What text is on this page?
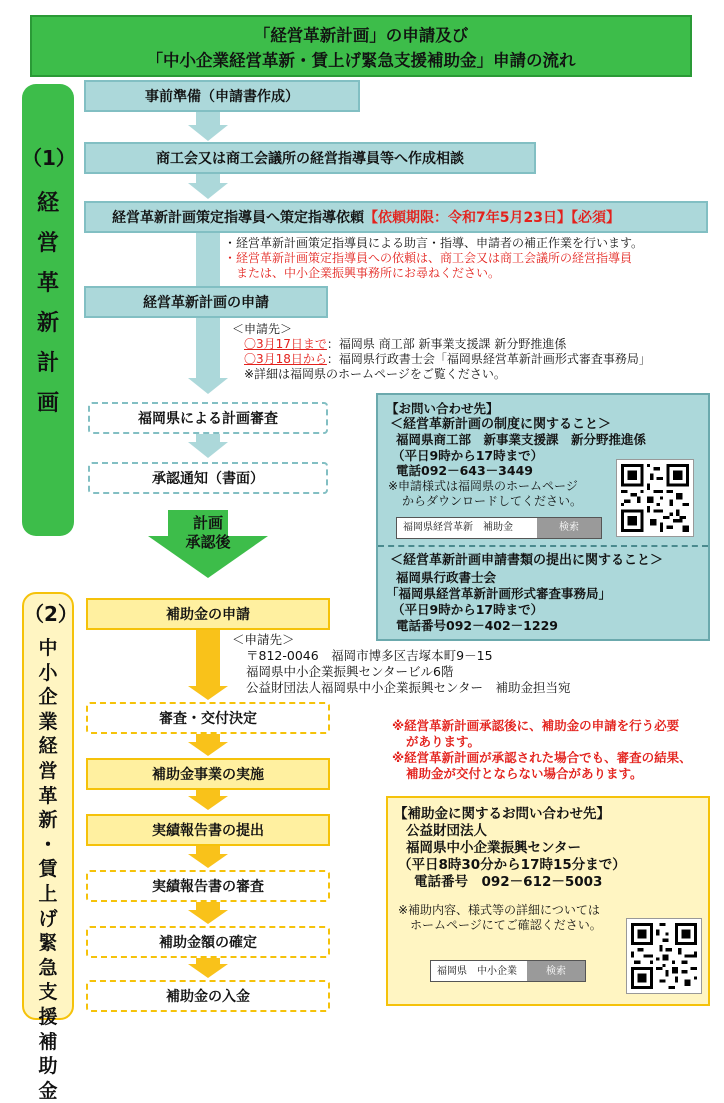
「経営革新計画」の申請及び
「中小企業経営革新・賃上げ緊急支援補助金」申請の流れ
（1）
経
営
革
新
計
画
（2）
中
小
企
業
経
営
革
新
・
賃
上
げ
緊
急
支
援
補
助
金
事前準備（申請書作成）
商工会又は商工会議所の経営指導員等へ作成相談
経営革新計画策定指導員へ策定指導依頼 【依頼期限：令和7年5月23日】【必須】
・経営革新計画策定指導員による助言・指導、申請者の補正作業を行います。
・経営革新計画策定指導員への依頼は、商工会又は商工会議所の経営指導員
または、中小企業振興事務所にお尋ねください。
経営革新計画の申請
＜申請先＞
〇3月17日まで：福岡県 商工部 新事業支援課 新分野推進係
〇3月18日から：福岡県行政書士会「福岡県経営革新計画形式審査事務局」
※詳細は福岡県のホームページをご覧ください。
福岡県による計画審査
承認通知（書面）
計画
承認後
【お問い合わせ先】
＜経営革新計画の制度に関すること＞
福岡県商工部　新事業支援課　新分野推進係
（平日9時から17時まで）
電話092－643－3449
※申請様式は福岡県のホームページ
からダウンロードしてください。
福岡県経営革新　補助金	検索
＜経営革新計画申請書類の提出に関すること＞
福岡県行政書士会
「福岡県経営革新計画形式審査事務局」
（平日9時から17時まで）
電話番号092－402－1229
補助金の申請
＜申請先＞
〒812-0046　福岡市博多区吉塚本町9－15
福岡県中小企業振興センタービル6階
公益財団法人福岡県中小企業振興センター　補助金担当宛
審査・交付決定
補助金事業の実施
実績報告書の提出
実績報告書の審査
補助金額の確定
補助金の入金
※経営革新計画承認後に、補助金の申請を行う必要
があります。
※経営革新計画が承認された場合でも、審査の結果、
補助金が交付とならない場合があります。
【補助金に関するお問い合わせ先】
公益財団法人
福岡県中小企業振興センター
（平日8時30分から17時15分まで）
電話番号　092－612－5003
※補助内容、様式等の詳細については
ホームページにてご確認ください。
福岡県　中小企業	検索
